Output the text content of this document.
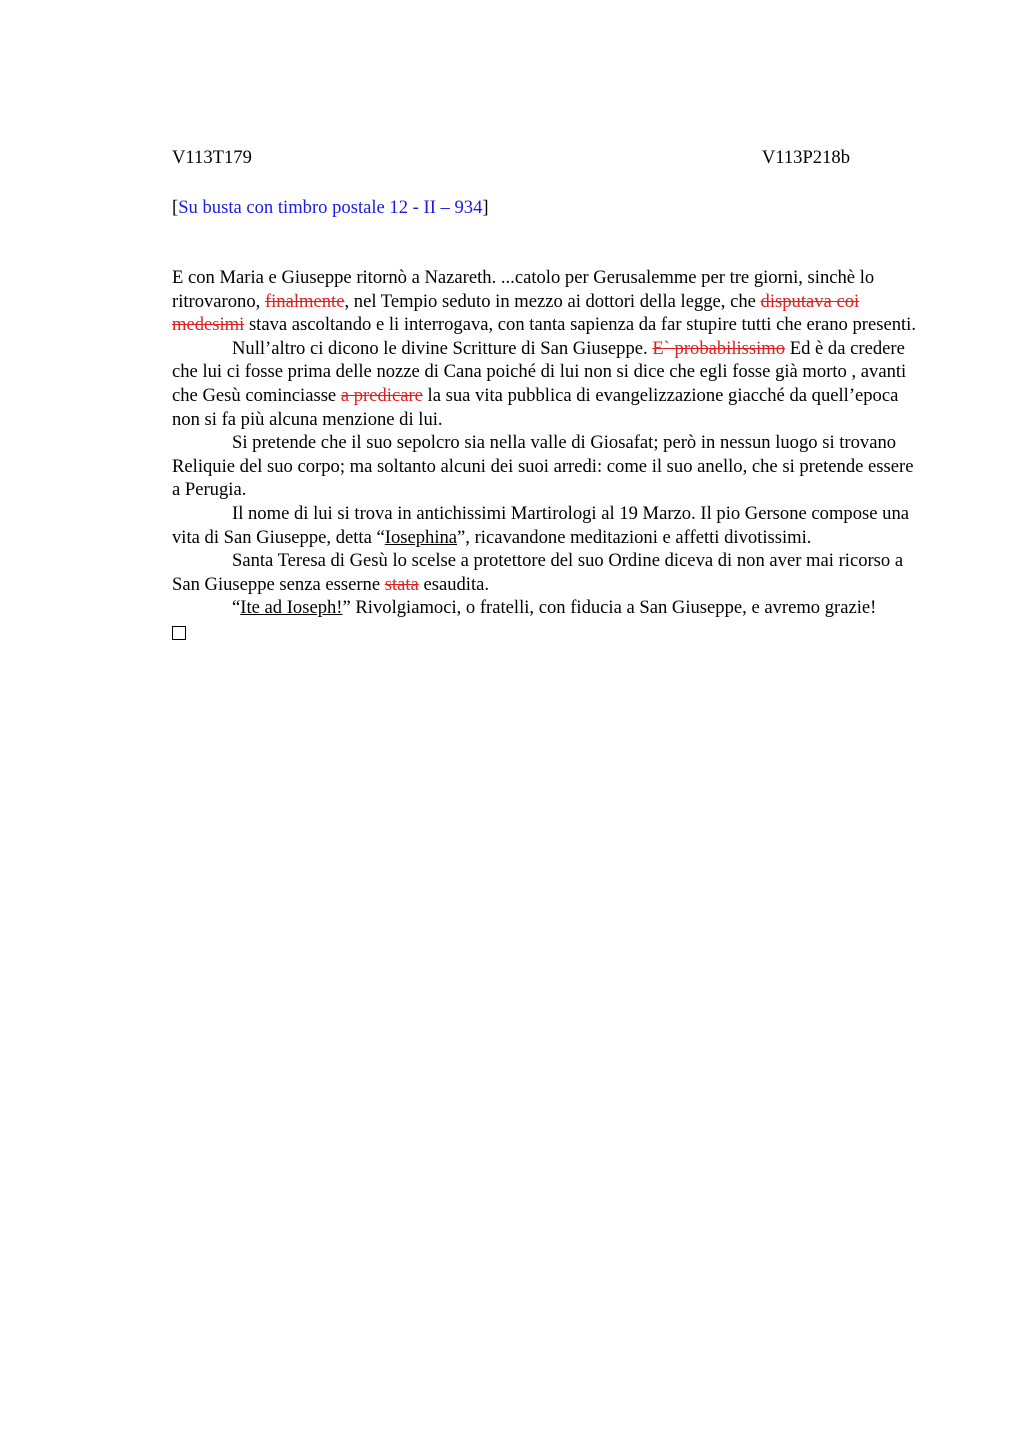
V113T179	V113P218b
[Su busta con timbro postale 12 - II – 934]

E con Maria e Giuseppe ritornò a Nazareth. ...catolo per Gerusalemme per tre giorni, sinchè lo ritrovarono, finalmente, nel Tempio seduto in mezzo ai dottori della legge, che disputava coi medesimi stava ascoltando e li interrogava, con tanta sapienza da far stupire tutti che erano presenti.

Null’altro ci dicono le divine Scritture di San Giuseppe. E` probabilissimo Ed è da credere che lui ci fosse prima delle nozze di Cana poiché di lui non si dice che egli fosse già morto , avanti che Gesù cominciasse a predicare la sua vita pubblica di evangelizzazione giacché da quell’epoca non si fa più alcuna menzione di lui.

Si pretende che il suo sepolcro sia nella valle di Giosafat; però in nessun luogo si trovano Reliquie del suo corpo; ma soltanto alcuni dei suoi arredi: come il suo anello, che si pretende essere a Perugia.

Il nome di lui si trova in antichissimi Martirologi al 19 Marzo. Il pio Gersone compose una vita di San Giuseppe, detta “Iosephina”, ricavandone meditazioni e affetti divotissimi.

Santa Teresa di Gesù lo scelse a protettore del suo Ordine diceva di non aver mai ricorso a San Giuseppe senza esserne stata esaudita.

“Ite ad Ioseph!” Rivolgiamoci, o fratelli, con fiducia a San Giuseppe, e avremo grazie!
